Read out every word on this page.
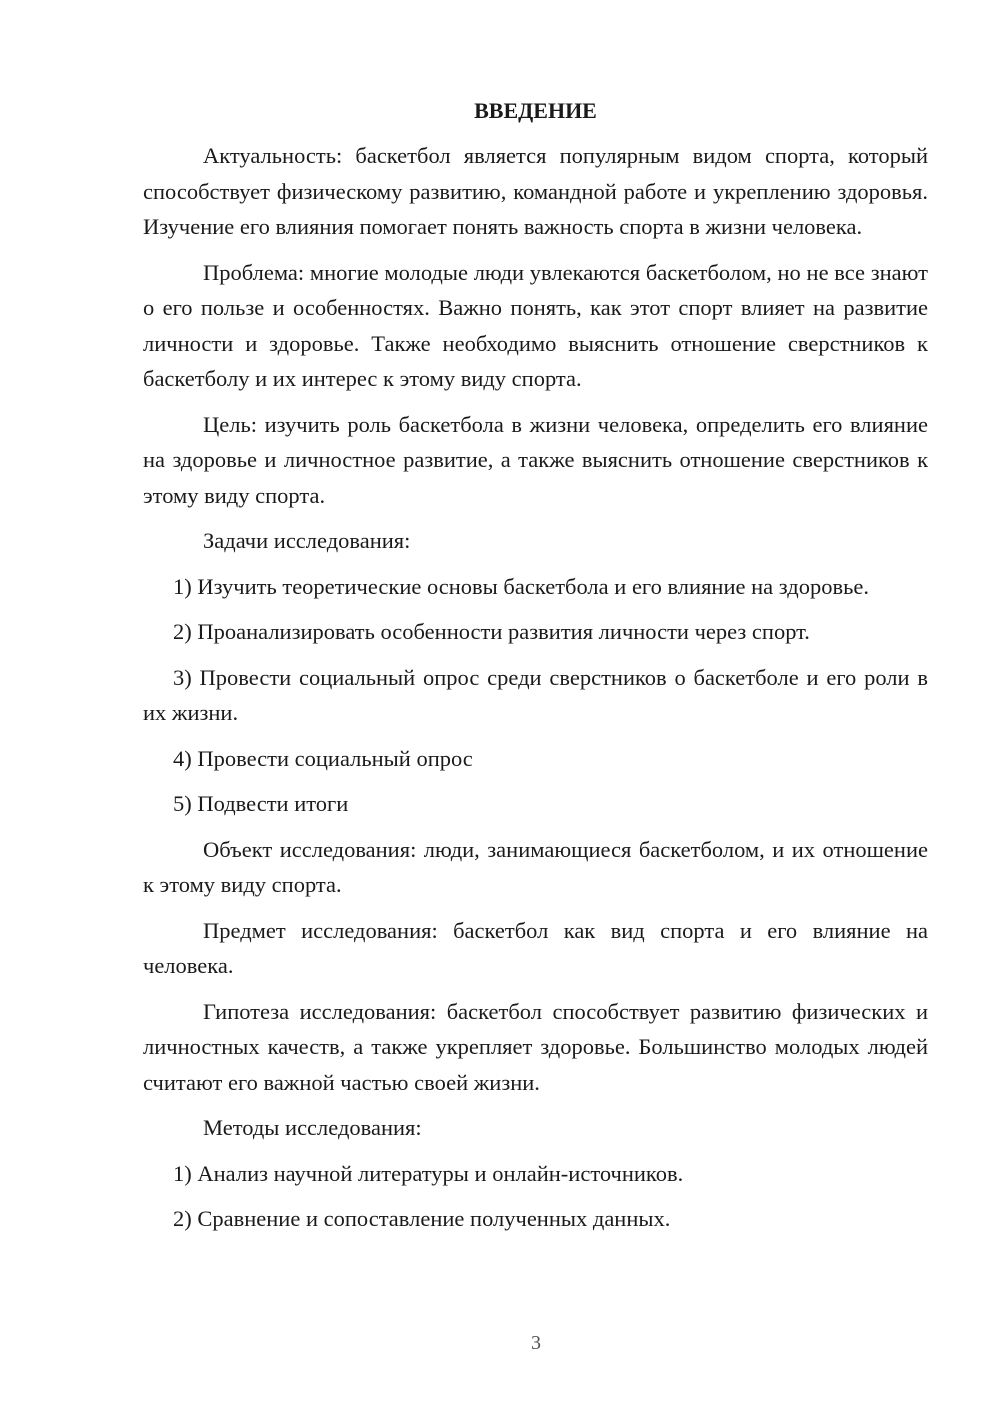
ВВЕДЕНИЕ

Актуальность: баскетбол является популярным видом спорта, который способствует физическому развитию, командной работе и укреплению здоровья. Изучение его влияния помогает понять важность спорта в жизни человека.

Проблема: многие молодые люди увлекаются баскетболом, но не все знают о его пользе и особенностях. Важно понять, как этот спорт влияет на развитие личности и здоровье. Также необходимо выяснить отношение сверстников к баскетболу и их интерес к этому виду спорта.

Цель: изучить роль баскетбола в жизни человека, определить его влияние на здоровье и личностное развитие, а также выяснить отношение сверстников к этому виду спорта.

Задачи исследования:

1) Изучить теоретические основы баскетбола и его влияние на здоровье.

2) Проанализировать особенности развития личности через спорт.

3) Провести социальный опрос среди сверстников о баскетболе и его роли в их жизни.

4) Провести социальный опрос

5) Подвести итоги

Объект исследования: люди, занимающиеся баскетболом, и их отношение к этому виду спорта.

Предмет исследования: баскетбол как вид спорта и его влияние на человека.

Гипотеза исследования: баскетбол способствует развитию физических и личностных качеств, а также укрепляет здоровье. Большинство молодых людей считают его важной частью своей жизни.

Методы исследования:

1) Анализ научной литературы и онлайн-источников.

2) Сравнение и сопоставление полученных данных.

3
